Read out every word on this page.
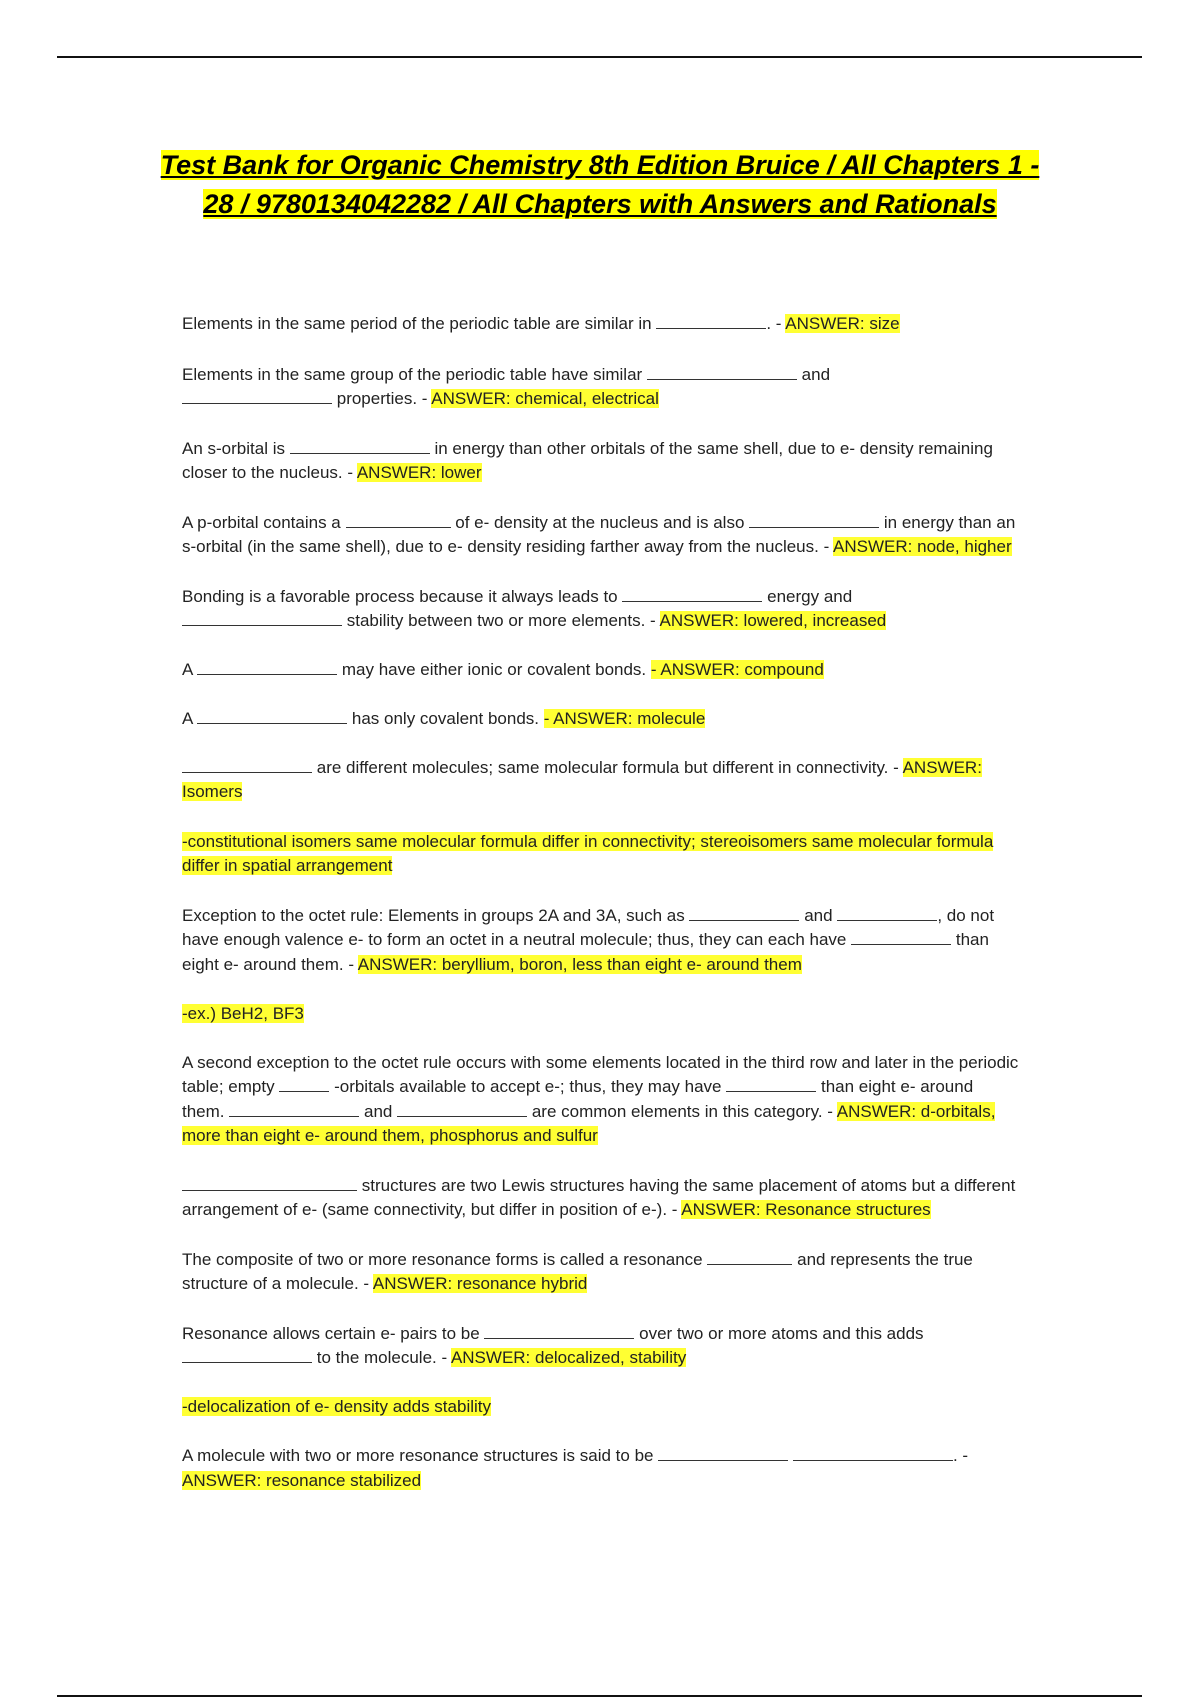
Test Bank for Organic Chemistry 8th Edition Bruice / All Chapters 1 - 28 / 9780134042282 / All Chapters with Answers and Rationals

Elements in the same period of the periodic table are similar in	. - ANSWER: size

Elements in the same group of the periodic table have similar	and
properties. - ANSWER: chemical, electrical

An s-orbital is	in energy than other orbitals of the same shell, due to e- density remaining closer to the nucleus. - ANSWER: lower

A p-orbital contains a	of e- density at the nucleus and is also	in energy than an s-orbital (in the same shell), due to e- density residing farther away from the nucleus. - ANSWER: node, higher

Bonding is a favorable process because it always leads to	energy and
stability between two or more elements. - ANSWER: lowered, increased

A	may have either ionic or covalent bonds. - ANSWER: compound

A	has only covalent bonds. - ANSWER: molecule

are different molecules; same molecular formula but different in connectivity. - ANSWER: Isomers

-constitutional isomers same molecular formula differ in connectivity; stereoisomers same molecular formula differ in spatial arrangement

Exception to the octet rule: Elements in groups 2A and 3A, such as	and	, do not have enough valence e- to form an octet in a neutral molecule; thus, they can each have	than eight e- around them. - ANSWER: beryllium, boron, less than eight e- around them

-ex.) BeH2, BF3

A second exception to the octet rule occurs with some elements located in the third row and later in the periodic table; empty	-orbitals available to accept e-; thus, they may have	than eight e- around them.	and	are common elements in this category. - ANSWER: d-orbitals, more than eight e- around them, phosphorus and sulfur

structures are two Lewis structures having the same placement of atoms but a different arrangement of e- (same connectivity, but differ in position of e-). - ANSWER: Resonance structures

The composite of two or more resonance forms is called a resonance	and represents the true structure of a molecule. - ANSWER: resonance hybrid

Resonance allows certain e- pairs to be	over two or more atoms and this adds
to the molecule. - ANSWER: delocalized, stability

-delocalization of e- density adds stability

A molecule with two or more resonance structures is said to be	. - ANSWER: resonance stabilized
